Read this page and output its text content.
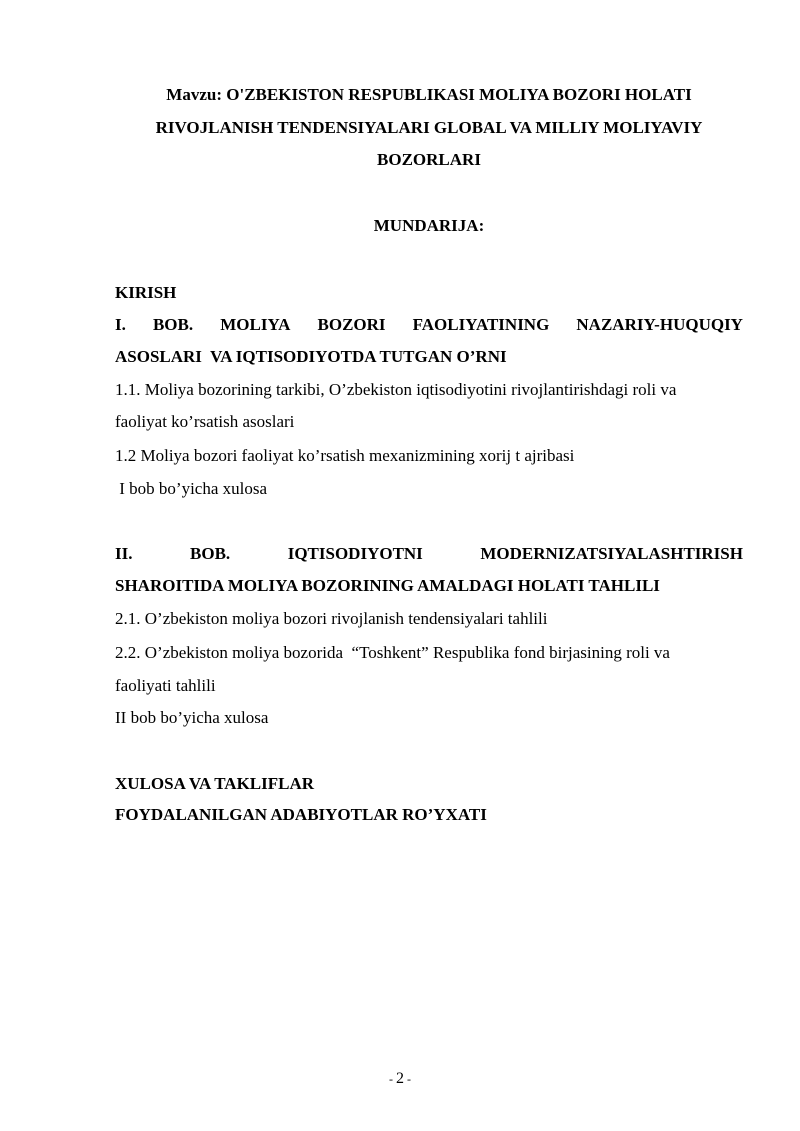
Mavzu: O'ZBEKISTON RESPUBLIKASI MOLIYA BOZORI HOLATI
RIVOJLANISH TENDENSIYALARI GLOBAL VA MILLIY MOLIYAVIY
BOZORLARI
MUNDARIJA:
KIRISH
I. BOB. MOLIYA BOZORI FAOLIYATINING NAZARIY-HUQUQIY
ASOSLARI  VA IQTISODIYOTDA TUTGAN O’RNI
1.1. Moliya bozorining tarkibi, O’zbekiston iqtisodiyotini rivojlantirishdagi roli va
faoliyat ko’rsatish asoslari
1.2 Moliya bozori faoliyat ko’rsatish mexanizmining xorij t ajribasi
I bob bo’yicha xulosa
II.	BOB.	IQTISODIYOTNI	MODERNIZATSIYALASHTIRISH
SHAROITIDA MOLIYA BOZORINING AMALDAGI HOLATI TAHLILI
2.1. O’zbekiston moliya bozori rivojlanish tendensiyalari tahlili
2.2. O’zbekiston moliya bozorida  “Toshkent” Respublika fond birjasining roli va
faoliyati tahlili
II bob bo’yicha xulosa
XULOSA VA TAKLIFLAR
FOYDALANILGAN ADABIYOTLAR RO’YXATI
- 2 -
